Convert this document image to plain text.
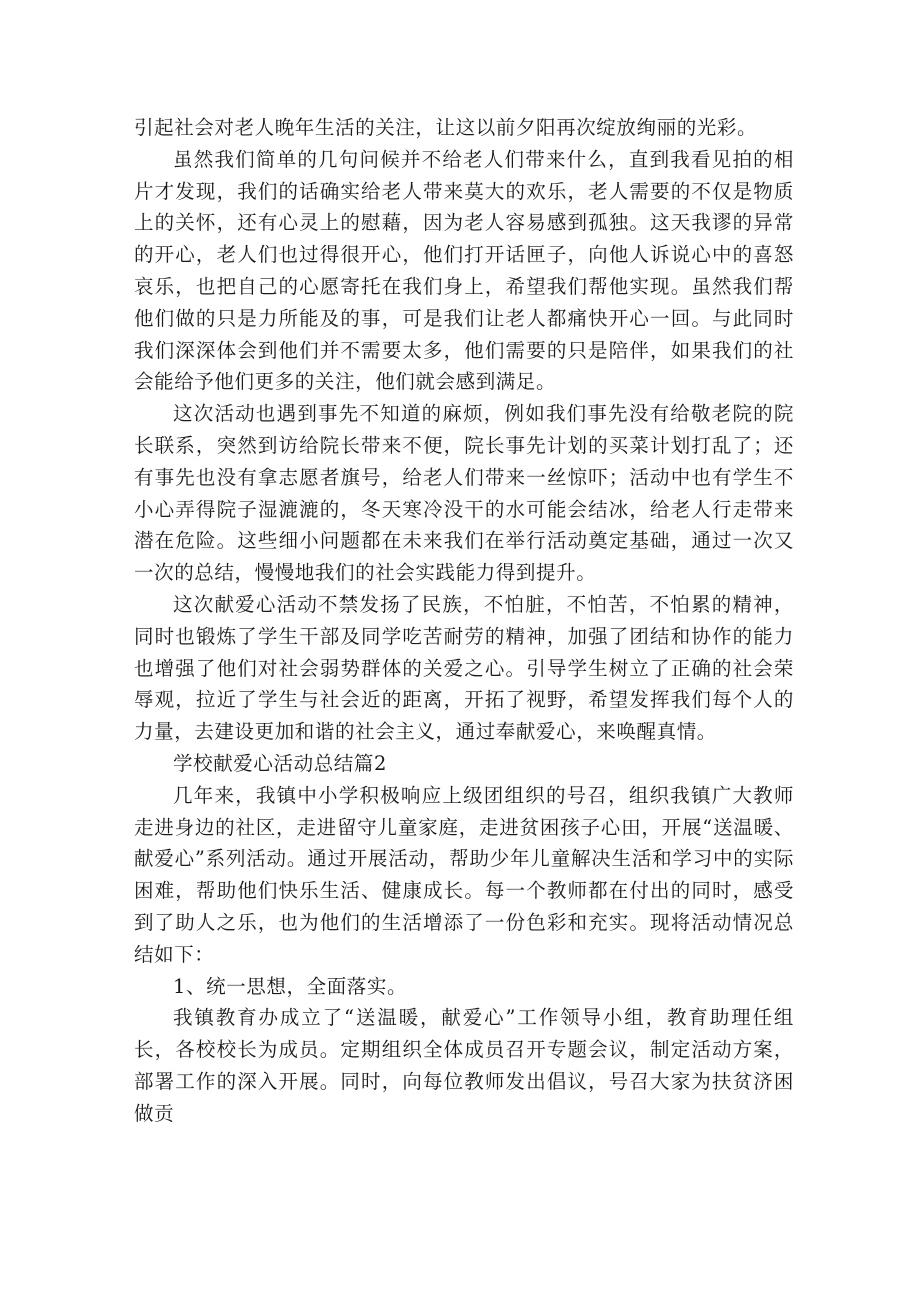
引起社会对老人晚年生活的关注，让这以前夕阳再次绽放绚丽的光彩。

虽然我们简单的几句问候并不给老人们带来什么，直到我看见拍的相片才发现，我们的话确实给老人带来莫大的欢乐，老人需要的不仅是物质上的关怀，还有心灵上的慰藉，因为老人容易感到孤独。这天我谬的异常的开心，老人们也过得很开心，他们打开话匣子，向他人诉说心中的喜怒哀乐，也把自己的心愿寄托在我们身上，希望我们帮他实现。虽然我们帮他们做的只是力所能及的事，可是我们让老人都痛快开心一回。与此同时我们深深体会到他们并不需要太多，他们需要的只是陪伴，如果我们的社会能给予他们更多的关注，他们就会感到满足。

这次活动也遇到事先不知道的麻烦，例如我们事先没有给敬老院的院长联系，突然到访给院长带来不便，院长事先计划的买菜计划打乱了；还有事先也没有拿志愿者旗号，给老人们带来一丝惊吓；活动中也有学生不小心弄得院子湿漉漉的，冬天寒冷没干的水可能会结冰，给老人行走带来潜在危险。这些细小问题都在未来我们在举行活动奠定基础，通过一次又一次的总结，慢慢地我们的社会实践能力得到提升。

这次献爱心活动不禁发扬了民族，不怕脏，不怕苦，不怕累的精神，同时也锻炼了学生干部及同学吃苦耐劳的精神，加强了团结和协作的能力也增强了他们对社会弱势群体的关爱之心。引导学生树立了正确的社会荣辱观，拉近了学生与社会近的距离，开拓了视野，希望发挥我们每个人的力量，去建设更加和谐的社会主义，通过奉献爱心，来唤醒真情。

学校献爱心活动总结篇2

几年来，我镇中小学积极响应上级团组织的号召，组织我镇广大教师走进身边的社区，走进留守儿童家庭，走进贫困孩子心田，开展“送温暖、献爱心”系列活动。通过开展活动，帮助少年儿童解决生活和学习中的实际困难，帮助他们快乐生活、健康成长。每一个教师都在付出的同时，感受到了助人之乐，也为他们的生活增添了一份色彩和充实。现将活动情况总结如下：

1、统一思想，全面落实。

我镇教育办成立了“送温暖，献爱心”工作领导小组，教育助理任组长，各校校长为成员。定期组织全体成员召开专题会议，制定活动方案，部署工作的深入开展。同时，向每位教师发出倡议，号召大家为扶贫济困做贡
